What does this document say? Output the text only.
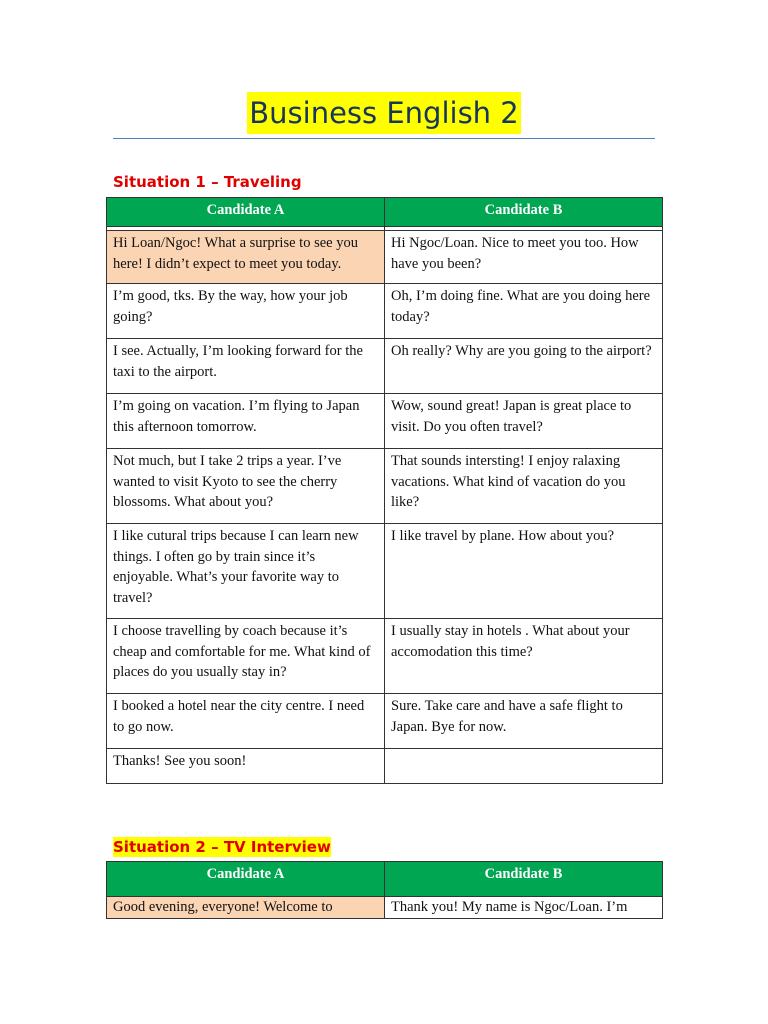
Business English 2
Situation 1 – Traveling
Candidate A	Candidate B

Hi Loan/Ngoc! What a surprise to see you here! I didn’t expect to meet you today.	Hi Ngoc/Loan. Nice to meet you too. How have you been?
I’m good, tks. By the way, how your job going?	Oh, I’m doing fine. What are you doing here today?
I see. Actually, I’m looking forward for the taxi to the airport.	Oh really? Why are you going to the airport?
I’m going on vacation. I’m flying to Japan this afternoon tomorrow.	Wow, sound great! Japan is great place to visit. Do you often travel?
Not much, but I take 2 trips a year. I’ve wanted to visit Kyoto to see the cherry blossoms. What about you?	That sounds intersting! I enjoy ralaxing vacations. What kind of vacation do you like?
I like cutural trips because I can learn new things. I often go by train since it’s enjoyable. What’s your favorite way to travel?	I like travel by plane. How about you?
I choose travelling by coach because it’s cheap and comfortable for me. What kind of places do you usually stay in?	I usually stay in hotels . What about your accomodation this time?
I booked a hotel near the city centre. I need to go now.	Sure. Take care and have a safe flight to Japan. Bye for now.
Thanks! See you soon!	
Situation 2 – TV Interview
Candidate A	Candidate B
Good evening, everyone! Welcome to	Thank you! My name is Ngoc/Loan. I’m
